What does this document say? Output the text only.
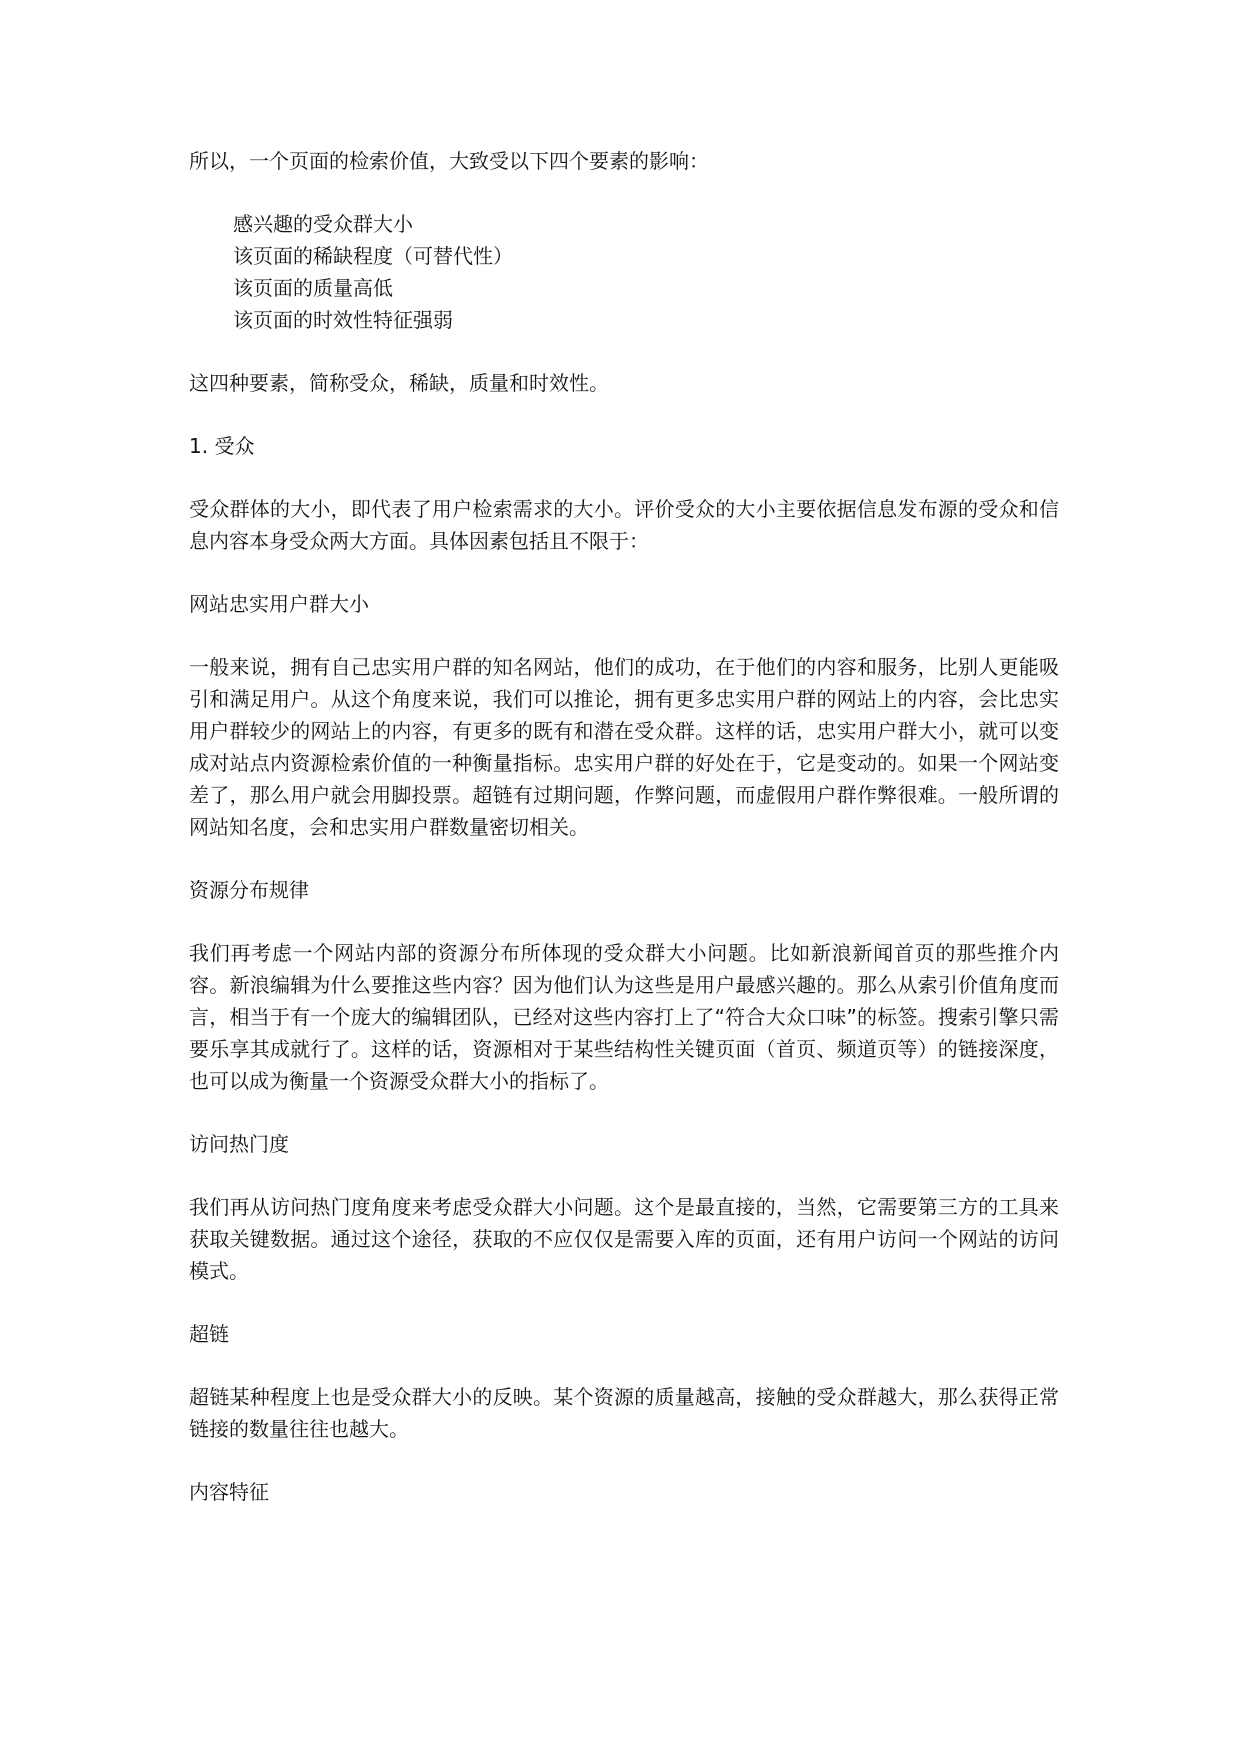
所以，一个页面的检索价值，大致受以下四个要素的影响：

感兴趣的受众群大小
该页面的稀缺程度（可替代性）
该页面的质量高低
该页面的时效性特征强弱

这四种要素，简称受众，稀缺，质量和时效性。

1. 受众

受众群体的大小，即代表了用户检索需求的大小。评价受众的大小主要依据信息发布源的受众和信息内容本身受众两大方面。具体因素包括且不限于：

网站忠实用户群大小

一般来说，拥有自己忠实用户群的知名网站，他们的成功，在于他们的内容和服务，比别人更能吸引和满足用户。从这个角度来说，我们可以推论，拥有更多忠实用户群的网站上的内容，会比忠实用户群较少的网站上的内容，有更多的既有和潜在受众群。这样的话，忠实用户群大小，就可以变成对站点内资源检索价值的一种衡量指标。忠实用户群的好处在于，它是变动的。如果一个网站变差了，那么用户就会用脚投票。超链有过期问题，作弊问题，而虚假用户群作弊很难。一般所谓的网站知名度，会和忠实用户群数量密切相关。

资源分布规律

我们再考虑一个网站内部的资源分布所体现的受众群大小问题。比如新浪新闻首页的那些推介内容。新浪编辑为什么要推这些内容？因为他们认为这些是用户最感兴趣的。那么从索引价值角度而言，相当于有一个庞大的编辑团队，已经对这些内容打上了“符合大众口味”的标签。搜索引擎只需要乐享其成就行了。这样的话，资源相对于某些结构性关键页面（首页、频道页等）的链接深度，也可以成为衡量一个资源受众群大小的指标了。

访问热门度

我们再从访问热门度角度来考虑受众群大小问题。这个是最直接的，当然，它需要第三方的工具来获取关键数据。通过这个途径，获取的不应仅仅是需要入库的页面，还有用户访问一个网站的访问模式。

超链

超链某种程度上也是受众群大小的反映。某个资源的质量越高，接触的受众群越大，那么获得正常链接的数量往往也越大。

内容特征
